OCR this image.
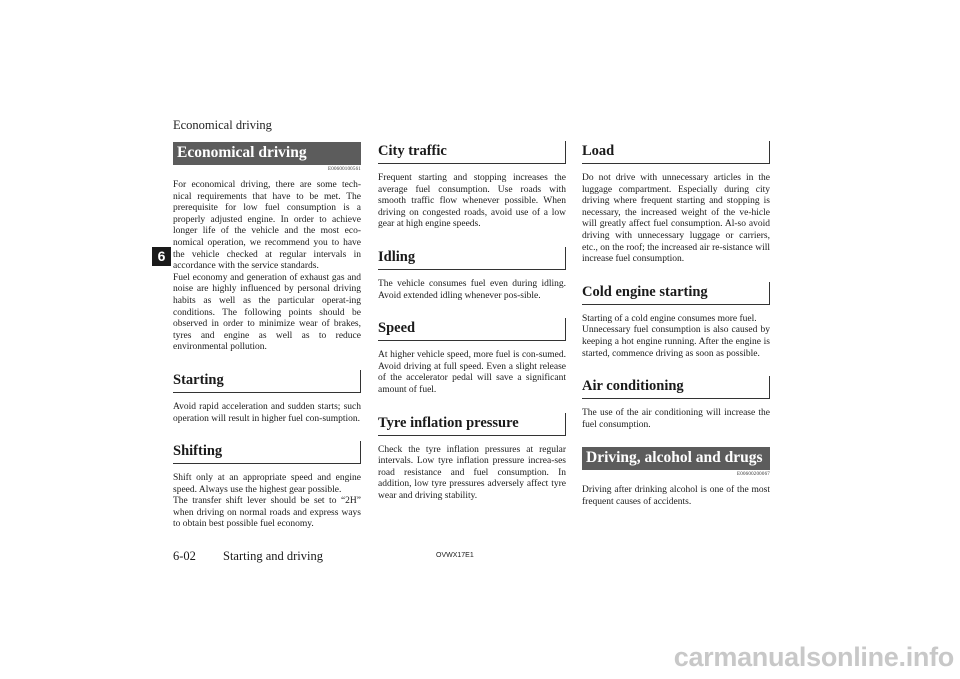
Economical driving
6
Economical driving
E00600100561

For economical driving, there are some tech-nical requirements that have to be met. The prerequisite for low fuel consumption is a properly adjusted engine. In order to achieve longer life of the vehicle and the most eco-nomical operation, we recommend you to have the vehicle checked at regular intervals in accordance with the service standards.

Fuel economy and generation of exhaust gas and noise are highly influenced by personal driving habits as well as the particular operat-ing conditions. The following points should be observed in order to minimize wear of brakes, tyres and engine as well as to reduce environmental pollution.

Starting

Avoid rapid acceleration and sudden starts; such operation will result in higher fuel con-sumption.

Shifting

Shift only at an appropriate speed and engine speed. Always use the highest gear possible.

The transfer shift lever should be set to “2H” when driving on normal roads and express ways to obtain best possible fuel economy.

City traffic

Frequent starting and stopping increases the average fuel consumption. Use roads with smooth traffic flow whenever possible. When driving on congested roads, avoid use of a low gear at high engine speeds.

Idling

The vehicle consumes fuel even during idling. Avoid extended idling whenever pos-sible.

Speed

At higher vehicle speed, more fuel is con-sumed. Avoid driving at full speed. Even a slight release of the accelerator pedal will save a significant amount of fuel.

Tyre inflation pressure

Check the tyre inflation pressures at regular intervals. Low tyre inflation pressure increa-ses road resistance and fuel consumption. In addition, low tyre pressures adversely affect tyre wear and driving stability.

Load

Do not drive with unnecessary articles in the luggage compartment. Especially during city driving where frequent starting and stopping is necessary, the increased weight of the ve-hicle will greatly affect fuel consumption. Al-so avoid driving with unnecessary luggage or carriers, etc., on the roof; the increased air re-sistance will increase fuel consumption.

Cold engine starting

Starting of a cold engine consumes more fuel.

Unnecessary fuel consumption is also caused by keeping a hot engine running. After the engine is started, commence driving as soon as possible.

Air conditioning

The use of the air conditioning will increase the fuel consumption.

Driving, alcohol and drugs
E00600200067

Driving after drinking alcohol is one of the most frequent causes of accidents.

6-02 Starting and driving	OVWX17E1
carmanualsonline.info
